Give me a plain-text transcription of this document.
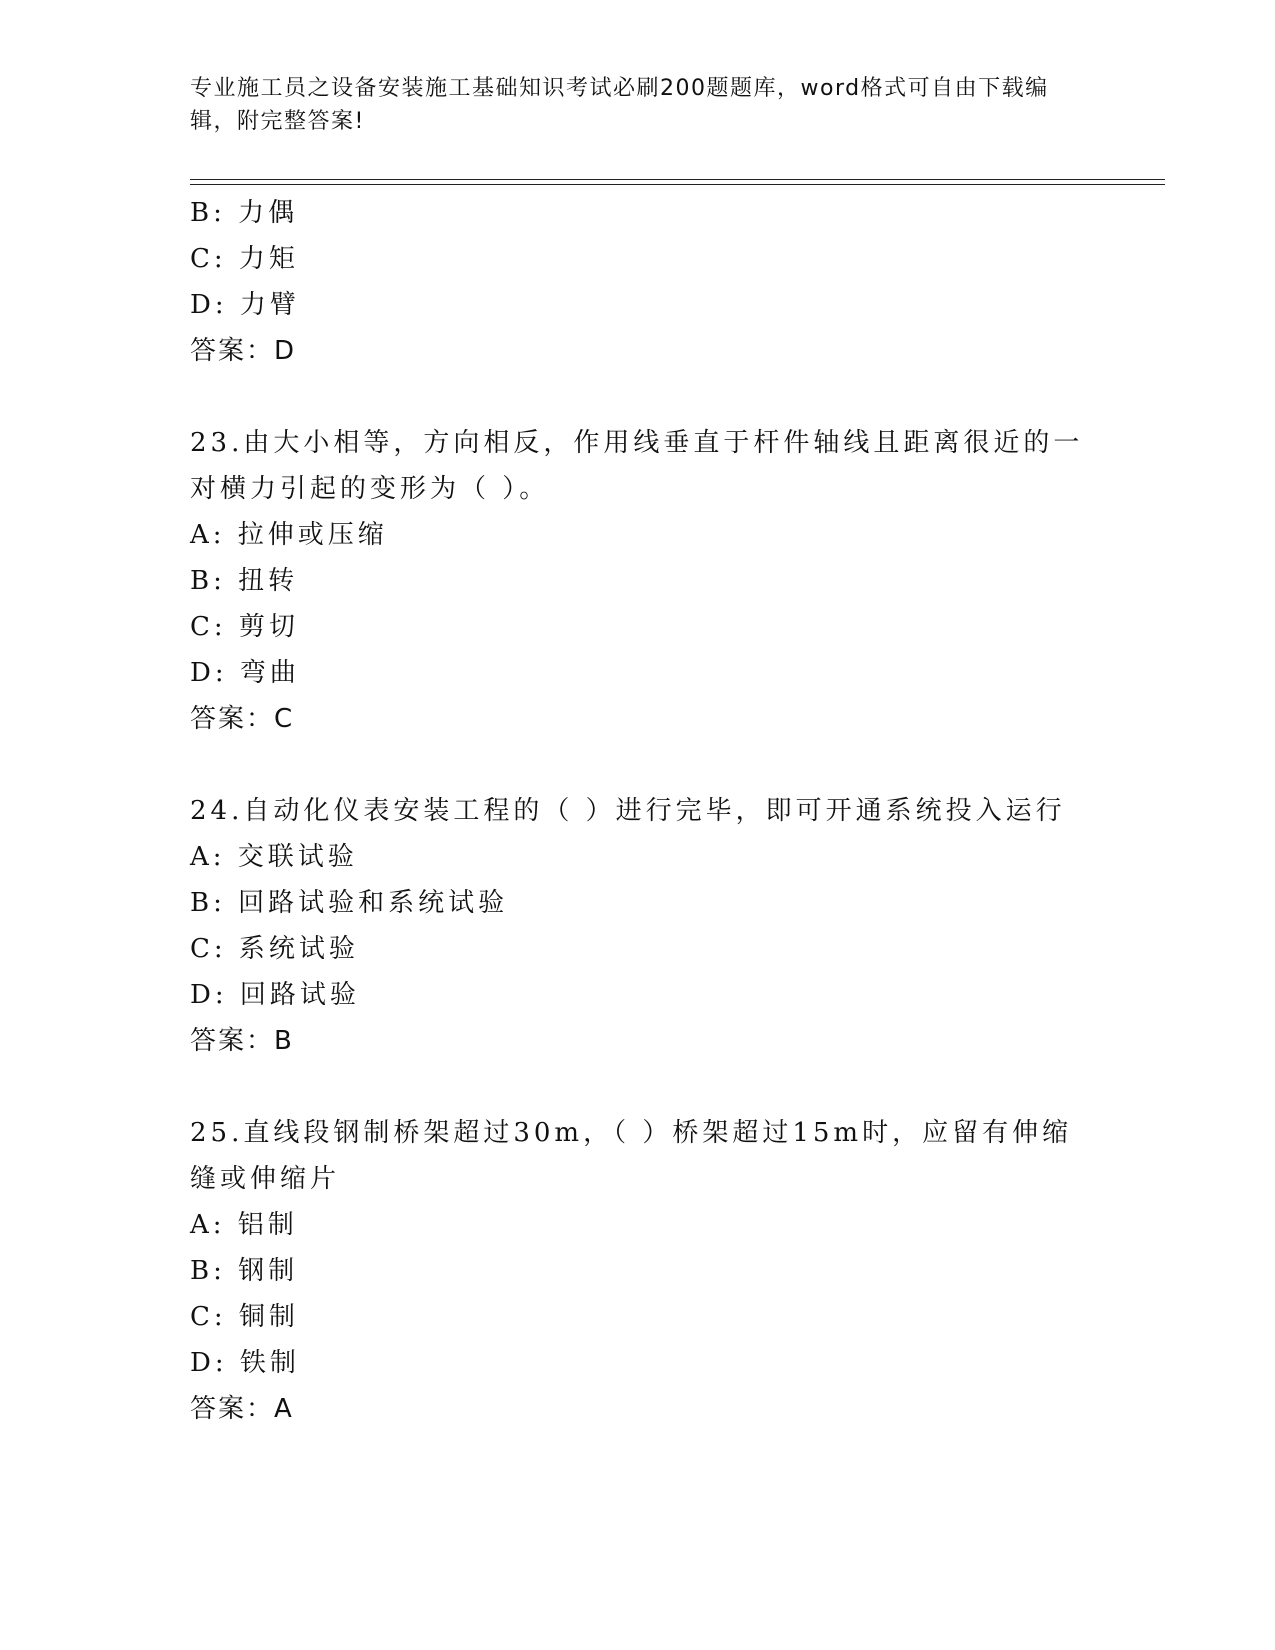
专业施工员之设备安装施工基础知识考试必刷200题题库，word格式可自由下载编辑，附完整答案!
B: 力偶
C: 力矩
D: 力臂
答案：D
23.由大小相等，方向相反，作用线垂直于杆件轴线且距离很近的一对横力引起的变形为（ ）。
A: 拉伸或压缩
B: 扭转
C: 剪切
D: 弯曲
答案：C
24.自动化仪表安装工程的（ ）进行完毕，即可开通系统投入运行
A: 交联试验
B: 回路试验和系统试验
C: 系统试验
D: 回路试验
答案：B
25.直线段钢制桥架超过30m，（ ）桥架超过15m时，应留有伸缩缝或伸缩片
A: 铝制
B: 钢制
C: 铜制
D: 铁制
答案：A
